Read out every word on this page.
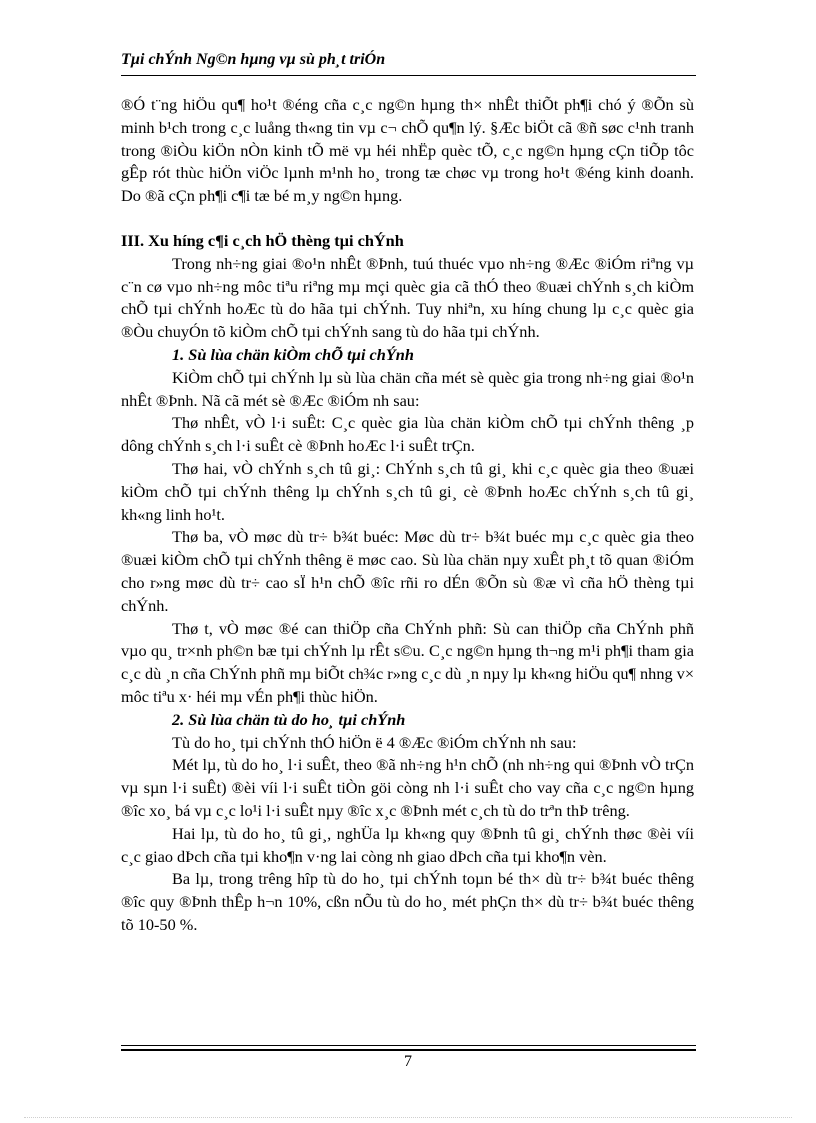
Tµi chÝnh Ng©n hµng vµ sù ph¸t triÓn

®Ó t¨ng hiÖu qu¶ ho¹t ®éng cña c¸c ng©n hµng th× nhÊt thiÕt ph¶i chó ý ®Õn sù minh b¹ch trong c¸c luång th«ng tin vµ c¬ chÕ qu¶n lý. §Æc biÖt cã ®ñ søc c¹nh tranh trong ®iÒu kiÖn nÒn kinh tÕ më vµ héi nhËp quèc tÕ, c¸c ng©n hµng cÇn tiÕp tôc gÊp rót thùc hiÖn viÖc lµnh m¹nh ho¸ trong tæ chøc vµ trong ho¹t ®éng kinh doanh. Do ®ã cÇn ph¶i c¶i tæ bé m¸y ng©n hµng.

III. Xu híng c¶i c¸ch hÖ thèng tµi chÝnh

Trong nh÷ng giai ®o¹n nhÊt ®Þnh, tuú thuéc vµo nh÷ng ®Æc ®iÓm riªng vµ c¨n cø vµo nh÷ng môc tiªu riªng mµ mçi quèc gia cã thÓ theo ®uæi chÝnh s¸ch kiÒm chÕ tµi chÝnh hoÆc tù do hãa tµi chÝnh. Tuy nhiªn, xu híng chung lµ c¸c quèc gia ®Òu chuyÓn tõ kiÒm chÕ tµi chÝnh sang tù do hãa tµi chÝnh.

1. Sù lùa chän kiÒm chÕ tµi chÝnh

KiÒm chÕ tµi chÝnh lµ sù lùa chän cña mét sè quèc gia trong nh÷ng giai ®o¹n nhÊt ®Þnh. Nã cã mét sè ®Æc ®iÓm nh sau:

Thø nhÊt, vÒ l·i suÊt: C¸c quèc gia lùa chän kiÒm chÕ tµi chÝnh thêng ¸p dông chÝnh s¸ch l·i suÊt cè ®Þnh hoÆc l·i suÊt trÇn.

Thø hai, vÒ chÝnh s¸ch tû gi¸: ChÝnh s¸ch tû gi¸ khi c¸c quèc gia theo ®uæi kiÒm chÕ tµi chÝnh thêng lµ chÝnh s¸ch tû gi¸ cè ®Þnh hoÆc chÝnh s¸ch tû gi¸ kh«ng linh ho¹t.

Thø ba, vÒ møc dù tr÷ b¾t buéc: Møc dù tr÷ b¾t buéc mµ c¸c quèc gia theo ®uæi kiÒm chÕ tµi chÝnh thêng ë møc cao. Sù lùa chän nµy xuÊt ph¸t tõ quan ®iÓm cho r»ng møc dù tr÷ cao sÏ h¹n chÕ ®îc rñi ro dÉn ®Õn sù ®æ vì cña hÖ thèng tµi chÝnh.

Thø t, vÒ møc ®é can thiÖp cña ChÝnh phñ: Sù can thiÖp cña ChÝnh phñ vµo qu¸ tr×nh ph©n bæ tµi chÝnh lµ rÊt s©u. C¸c ng©n hµng th¬ng m¹i ph¶i tham gia c¸c dù ¸n cña ChÝnh phñ mµ biÕt ch¾c r»ng c¸c dù ¸n nµy lµ kh«ng hiÖu qu¶ nhng v× môc tiªu x· héi mµ vÉn ph¶i thùc hiÖn.

2. Sù lùa chän tù do ho¸ tµi chÝnh

Tù do ho¸ tµi chÝnh thÓ hiÖn ë 4 ®Æc ®iÓm chÝnh nh sau:

Mét lµ, tù do ho¸ l·i suÊt, theo ®ã nh÷ng h¹n chÕ (nh nh÷ng qui ®Þnh vÒ trÇn vµ sµn l·i suÊt) ®èi víi l·i suÊt tiÒn göi còng nh l·i suÊt cho vay cña c¸c ng©n hµng ®îc xo¸ bá vµ c¸c lo¹i l·i suÊt nµy ®îc x¸c ®Þnh mét c¸ch tù do trªn thÞ trêng.

Hai lµ, tù do ho¸ tû gi¸, nghÜa lµ kh«ng quy ®Þnh tû gi¸ chÝnh thøc ®èi víi c¸c giao dÞch cña tµi kho¶n v·ng lai còng nh giao dÞch cña tµi kho¶n vèn.

Ba lµ, trong trêng hîp tù do ho¸ tµi chÝnh toµn bé th× dù tr÷ b¾t buéc thêng ®îc quy ®Þnh thÊp h¬n 10%, cßn nÕu tù do ho¸ mét phÇn th× dù tr÷ b¾t buéc thêng tõ 10-50 %.

7
